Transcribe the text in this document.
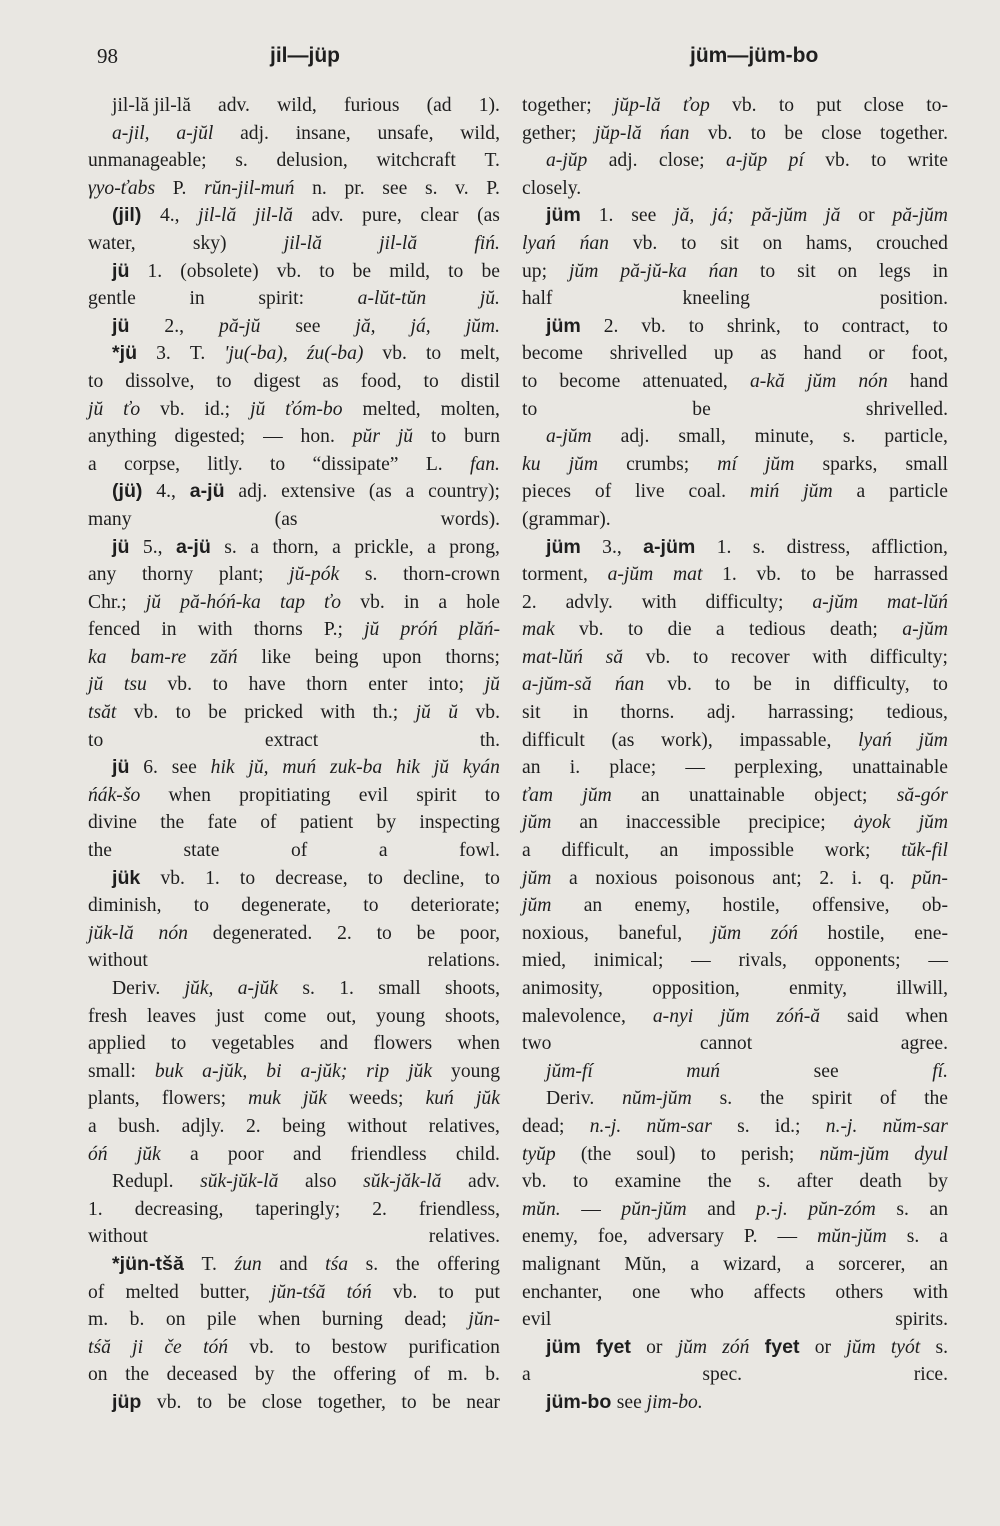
98	jil—jüp	jüm—jüm-bo
jil-lă jil-lă adv. wild, furious (ad 1).
a-jil, a-jŭl adj. insane, unsafe, wild,
unmanageable; s. delusion, witchcraft T.
γyo-ťabs P. rŭn-jil-muń n. pr. see s. v. P.
(jil) 4., jil-lă jil-lă adv. pure, clear (as
water,	sky)	jil-lă	jil-lă	fiń.
jü 1. (obsolete) vb. to be mild, to be
gentle	in	spirit:	a-lŭt-tŭn	jŭ.
jü 2., pă-jŭ see jă, já, jŭm.
*jü 3. T. 'ju(-ba), źu(-ba) vb. to melt,
to dissolve, to digest as food, to distil
jŭ ťo vb. id.; jŭ ťóm-bo melted, molten,
anything digested; — hon. pŭr jŭ to burn
a corpse, litly. to “dissipate” L. fan.
(jü) 4., a-jü adj. extensive (as a country);
many	(as	words).
jü 5., a-jü s. a thorn, a prickle, a prong,
any thorny plant; jŭ-pók s. thorn-crown
Chr.; jŭ pă-hóń-ka tap ťo vb. in a hole
fenced in with thorns P.; jŭ próń plăń-
ka bam-re zăń like being upon thorns;
jŭ tsu vb. to have thorn enter into; jŭ
tsăt vb. to be pricked with th.; jŭ ŭ vb.
to	extract	th.
jü 6. see hik jŭ, muń zuk-ba hik jŭ kyán
ńák-šo when propitiating evil spirit to
divine the fate of patient by inspecting
the	state	of	a	fowl.
jük vb. 1. to decrease, to decline, to
diminish, to degenerate, to deteriorate;
jŭk-lă nón degenerated. 2. to be poor,
without	relations.
Deriv. jŭk, a-jŭk s. 1. small shoots,
fresh leaves just come out, young shoots,
applied to vegetables and flowers when
small: buk a-jŭk, bi a-jŭk; rip jŭk young
plants, flowers; muk jŭk weeds; kuń jŭk
a bush. adjly. 2. being without relatives,
óń jŭk a poor and friendless child.
Redupl. sŭk-jŭk-lă also sŭk-jăk-lă adv.
1. decreasing, taperingly; 2. friendless,
without	relatives.
*jün-tšă T. źun and tśa s. the offering
of melted butter, jŭn-tśă tóń vb. to put
m. b. on pile when burning dead; jŭn-
tśă ji če tóń vb. to bestow purification
on the deceased by the offering of m. b.
jüp vb. to be close together, to be near
together; jŭp-lă ťop vb. to put close to-
gether; jŭp-lă ńan vb. to be close together.
a-jŭp adj. close; a-jŭp pí vb. to write
closely.
jüm 1. see jă, já; pă-jŭm jă or pă-jŭm
lyań ńan vb. to sit on hams, crouched
up; jŭm pă-jŭ-ka ńan to sit on legs in
half	kneeling	position.
jüm 2. vb. to shrink, to contract, to
become shrivelled up as hand or foot,
to become attenuated, a-kă jŭm nón hand
to	be	shrivelled.
a-jŭm adj. small, minute, s. particle,
ku jŭm crumbs; mí jŭm sparks, small
pieces of live coal. miń jŭm a particle
(grammar).
jüm 3., a-jüm 1. s. distress, affliction,
torment, a-jŭm mat 1. vb. to be harrassed
2. advly. with difficulty; a-jŭm mat-lŭń
mak vb. to die a tedious death; a-jŭm
mat-lŭń să vb. to recover with difficulty;
a-jŭm-să ńan vb. to be in difficulty, to
sit in thorns. adj. harrassing; tedious,
difficult (as work), impassable, lyań jŭm
an i. place; — perplexing, unattainable
ťam jŭm an unattainable object; să-gór
jŭm an inaccessible precipice; ȧyok jŭm
a difficult, an impossible work; tŭk-fil
jŭm a noxious poisonous ant; 2. i. q. pŭn-
jŭm an enemy, hostile, offensive, ob-
noxious, baneful, jŭm zóń hostile, ene-
mied, inimical; — rivals, opponents; —
animosity,	opposition,	enmity,	illwill,
malevolence, a-nyi jŭm zóń-ă said when
two	cannot	agree.
jŭm-fí	muń	see	fí.
Deriv. nŭm-jŭm s. the spirit of the
dead; n.-j. nŭm-sar s. id.; n.-j. nŭm-sar
tyŭp (the soul) to perish; nŭm-jŭm dyul
vb. to examine the s. after death by
mŭn. — pŭn-jŭm and p.-j. pŭn-zóm s. an
enemy, foe, adversary P. — mŭn-jŭm s. a
malignant Mŭn, a wizard, a sorcerer, an
enchanter, one who affects others with
evil	spirits.
jüm fyet or jŭm zóń fyet or jŭm tyót s.
a	spec.	rice.
jüm-bo see jim-bo.
